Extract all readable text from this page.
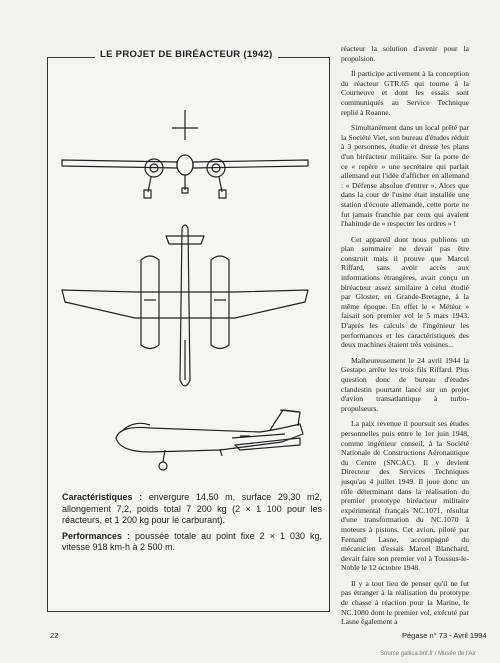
LE PROJET DE BIRÉACTEUR (1942)

Caractéristiques : envergure 14,50 m, surface 29,30 m2, allongement 7,2, poids total 7 200 kg (2 × 1 100 pour les réacteurs, et 1 200 kg pour le carburant).

Performances : poussée totale au point fixe 2 × 1 030 kg, vitesse 918 km-h à 2 500 m.

réacteur la solution d'avenir pour la propulsion.

Il participe activement à la conception du réacteur GTR.65 qui tourne à la Courneuve et dont les essais sont communiqués au Service Technique replié à Roanne.

Simultanément dans un local prêté par la Société Viet, son bureau d'études réduit à 3 personnes, étudie et dresse les plans d'un biréacteur militaire. Sur la porte de ce « repère » une secrétaire qui parlait allemand eut l'idée d'afficher en allemand : « Défense absolue d'entrer ». Alors que dans la cour de l'usine était installée une station d'écoute allemande, cette porte ne fut jamais franchie par ceux qui avaient l'habitude de « respecter les ordres » !

Cet appareil dont nous publions un plan sommaire ne devait pas être construit mais il prouve que Marcel Riffard, sans avoir accès aux informations étrangères, avait conçu un biréacteur assez similaire à celui étudié par Gloster, en Grande-Bretagne, à la même époque. En effet le « Météor » faisait son premier vol le 5 mars 1943. D'après les calculs de l'ingénieur les performances et les caractéristiques des deux machines étaient très voisines...

Malheureusement le 24 avril 1944 la Gestapo arrête les trois fils Riffard. Plus question donc de bureau d'études clandestin pourtant lancé sur un projet d'avion transatlantique à turbo-propulseurs.

La paix revenue il poursuit ses études personnelles puis entre le 1er juin 1948, comme ingénieur conseil, à la Société Nationale de Constructions Aéronautique du Centre (SNCAC). Il y devient Directeur des Services Techniques jusqu'au 4 juillet 1949. Il joue donc un rôle déterminant dans la réalisation du premier prototype biréacteur militaire expérimental français NC.1071, résultat d'une transformation du NC.1070 à moteurs à pistons. Cet avion, piloté par Fernand Lasne, accompagné du mécanicien d'essais Marcel Blanchard, devait faire son premier vol à Toussus-le-Noble le 12 octobre 1948.

Il y a tout lieu de penser qu'il ne fut pas étranger à la réalisation du prototype de chasse à réaction pour la Marine, le NC.1080 dont le premier vol, exécuté par Lasne également a

22	Pégase n° 73 - Avril 1994
Source gallica.bnf.fr / Musée de l'Air
